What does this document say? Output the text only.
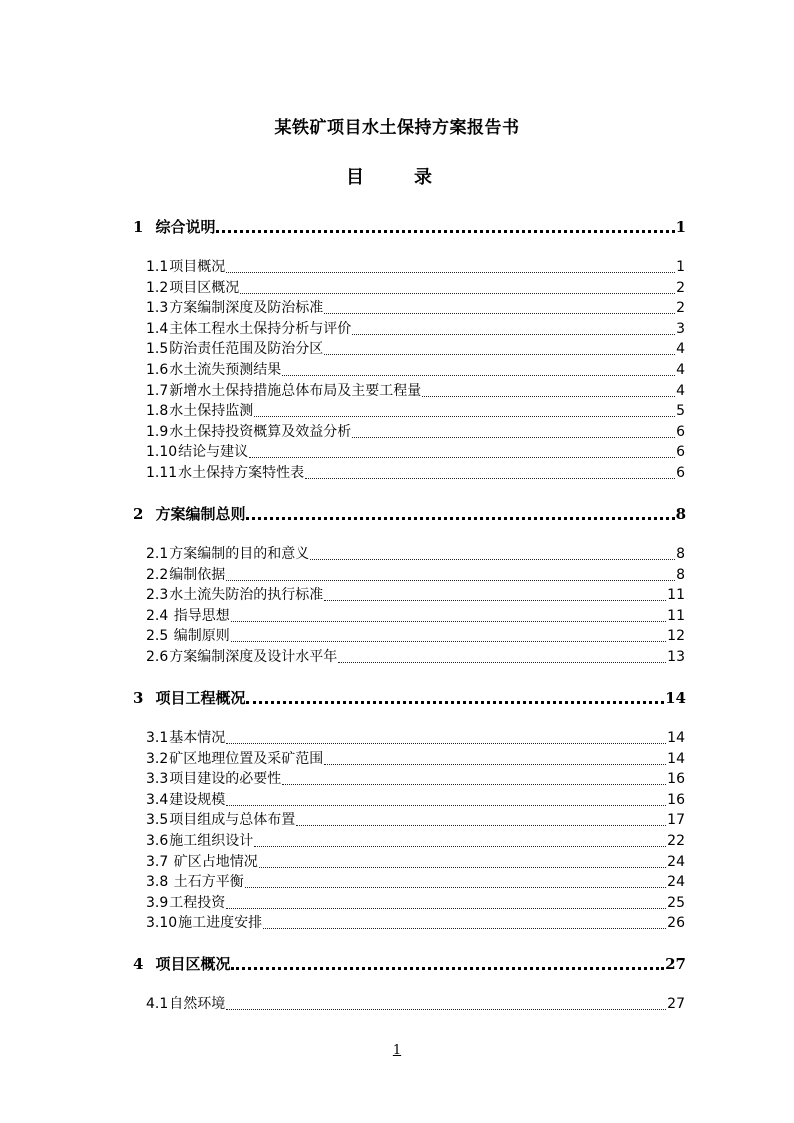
某铁矿项目水土保持方案报告书
目　录
1 综合说明	1
1.1 项目概况	1
1.2 项目区概况	2
1.3 方案编制深度及防治标准	2
1.4 主体工程水土保持分析与评价	3
1.5 防治责任范围及防治分区	4
1.6 水土流失预测结果	4
1.7 新增水土保持措施总体布局及主要工程量	4
1.8 水土保持监测	5
1.9 水土保持投资概算及效益分析	6
1.10 结论与建议	6
1.11 水土保持方案特性表	6
2 方案编制总则	8
2.1 方案编制的目的和意义	8
2.2 编制依据	8
2.3 水土流失防治的执行标准	11
2.4 指导思想	11
2.5 编制原则	12
2.6 方案编制深度及设计水平年	13
3 项目工程概况	14
3.1 基本情况	14
3.2 矿区地理位置及采矿范围	14
3.3 项目建设的必要性	16
3.4 建设规模	16
3.5 项目组成与总体布置	17
3.6 施工组织设计	22
3.7 矿区占地情况	24
3.8 土石方平衡	24
3.9 工程投资	25
3.10 施工进度安排	26
4 项目区概况	27
4.1 自然环境	27
1
